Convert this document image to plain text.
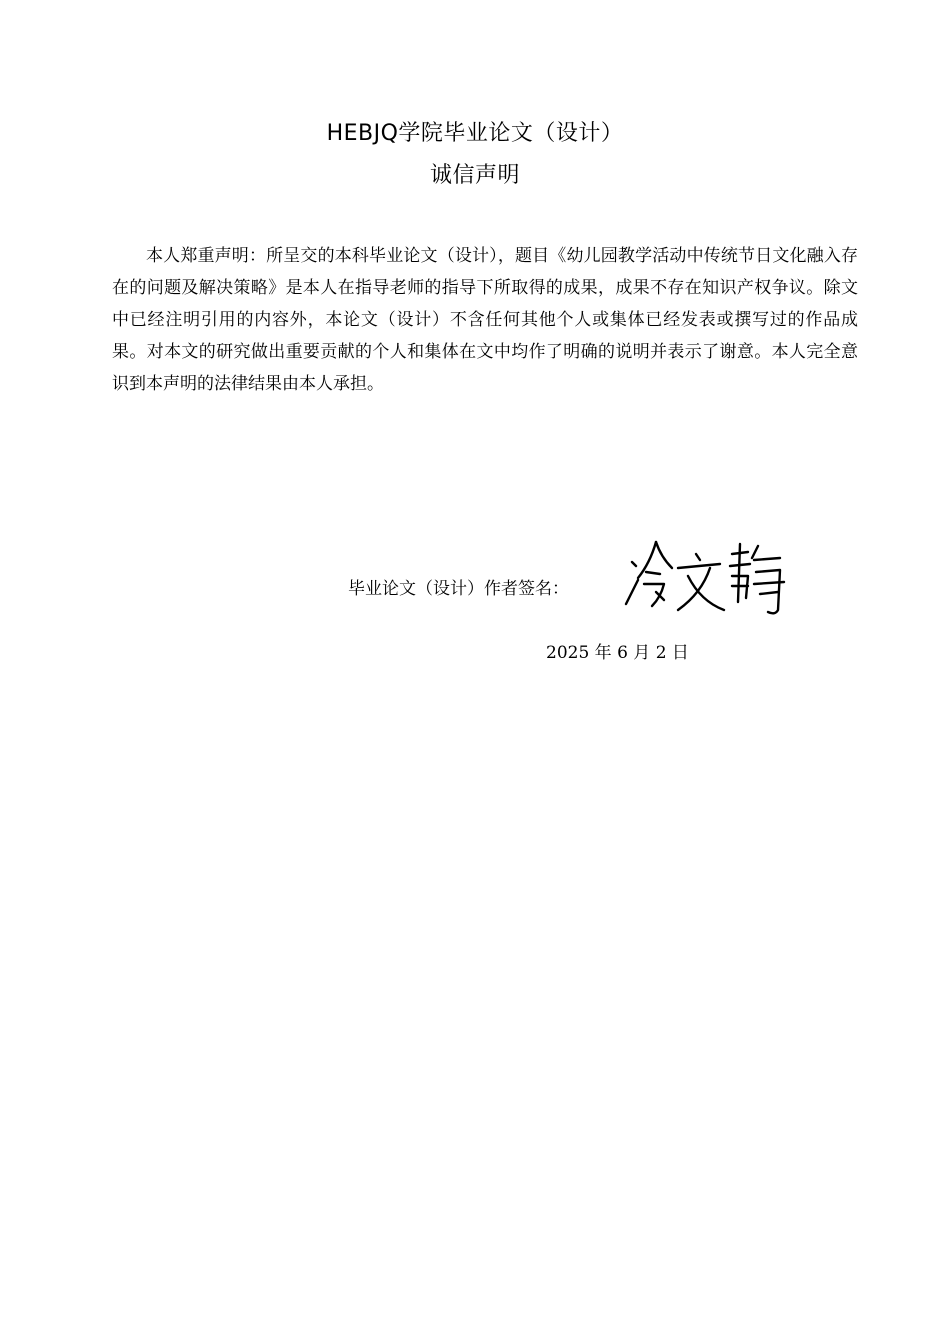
HEBJQ学院毕业论文（设计）
诚信声明

本人郑重声明：所呈交的本科毕业论文（设计），题目《幼儿园教学活动中传统节日文化融入存在的问题及解决策略》是本人在指导老师的指导下所取得的成果，成果不存在知识产权争议。除文中已经注明引用的内容外，本论文（设计）不含任何其他个人或集体已经发表或撰写过的作品成果。对本文的研究做出重要贡献的个人和集体在文中均作了明确的说明并表示了谢意。本人完全意识到本声明的法律结果由本人承担。

毕业论文（设计）作者签名：
2025 年 6 月 2 日
